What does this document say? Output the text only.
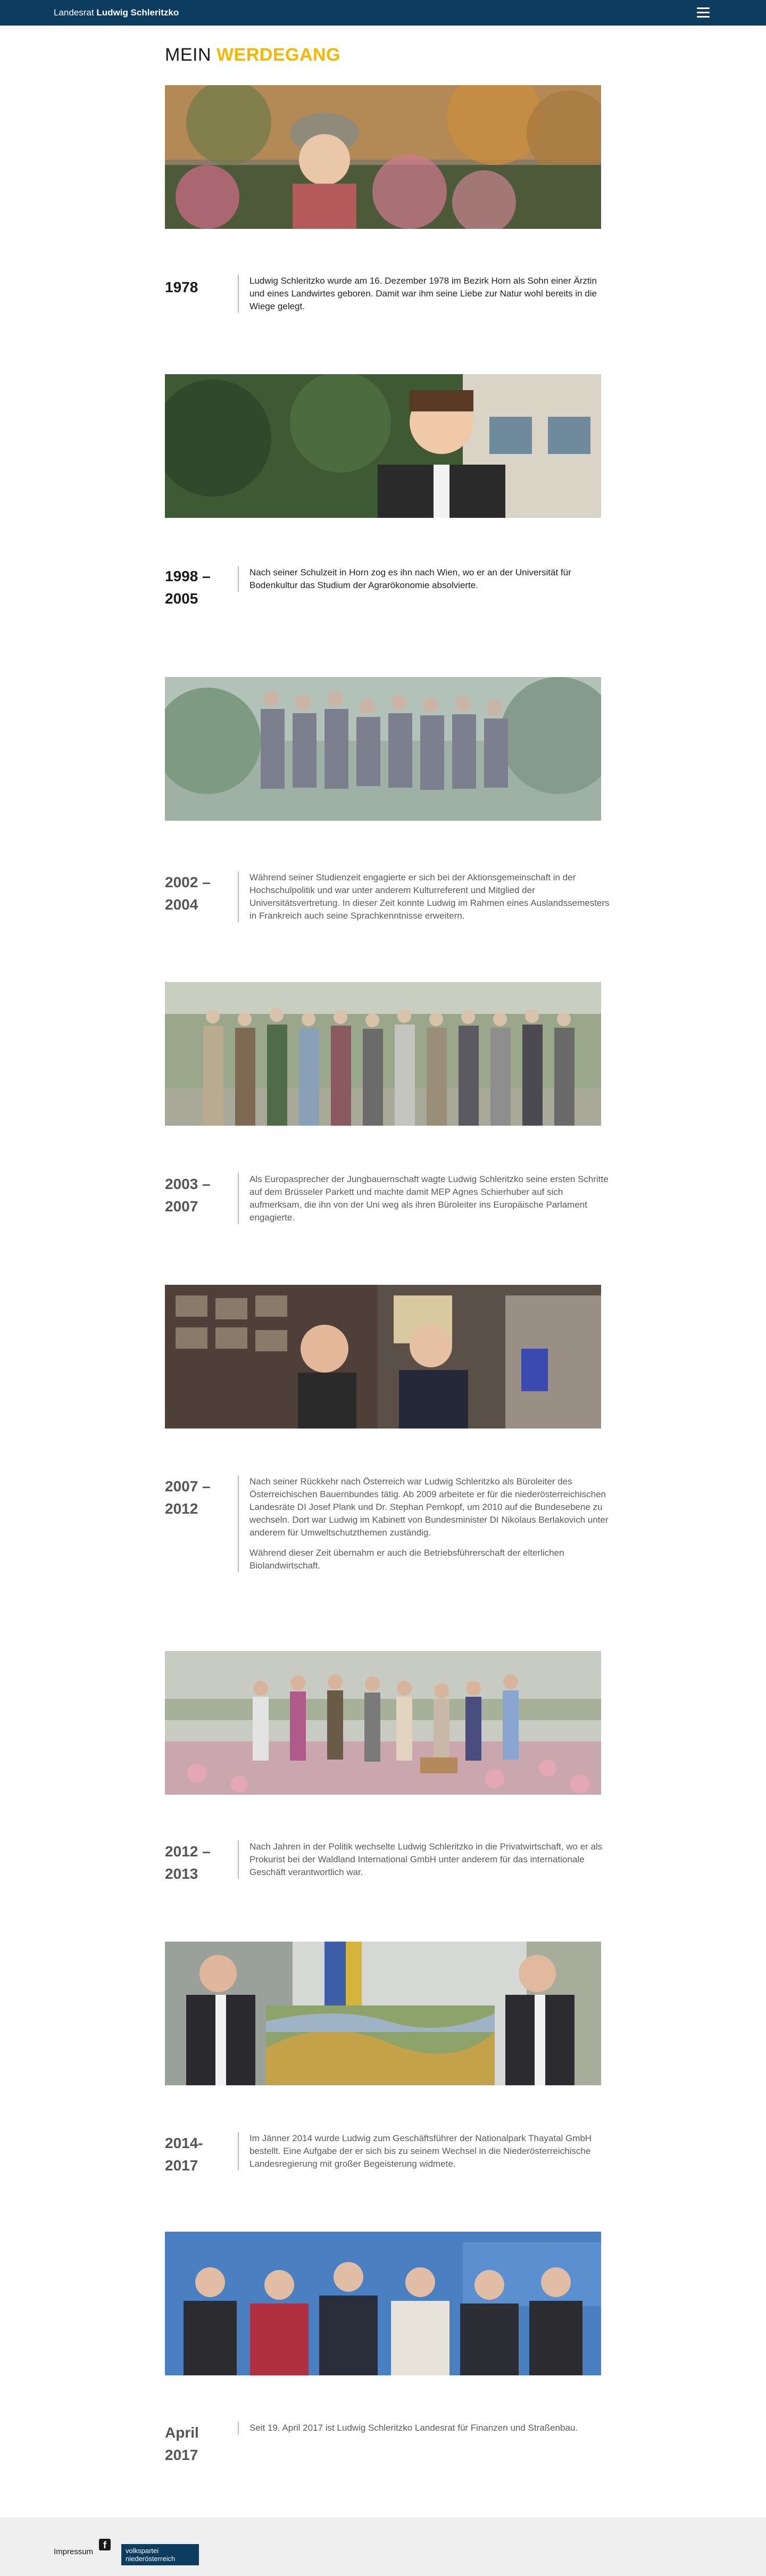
Landesrat Ludwig Schleritzko
MEIN WERDEGANG
1978	Ludwig Schleritzko wurde am 16. Dezember 1978 im Bezirk Horn als Sohn einer Ärztin und eines Landwirtes geboren. Damit war ihm seine Liebe zur Natur wohl bereits in die Wiege gelegt.

1998 – 2005

Nach seiner Schulzeit in Horn zog es ihn nach Wien, wo er an der Universität für Bodenkultur das Studium der Agrarökonomie absolvierte.

2002 – 2004

Während seiner Studienzeit engagierte er sich bei der Aktionsgemeinschaft in der Hochschulpolitik und war unter anderem Kulturreferent und Mitglied der Universitätsvertretung. In dieser Zeit konnte Ludwig im Rahmen eines Auslandssemesters in Frankreich auch seine Sprachkenntnisse erweitern.

2003 – 2007

Als Europasprecher der Jungbauernschaft wagte Ludwig Schleritzko seine ersten Schritte auf dem Brüsseler Parkett und machte damit MEP Agnes Schierhuber auf sich aufmerksam, die ihn von der Uni weg als ihren Büroleiter ins Europäische Parlament engagierte.

2007 – 2012

Nach seiner Rückkehr nach Österreich war Ludwig Schleritzko als Büroleiter des Österreichischen Bauernbundes tätig. Ab 2009 arbeitete er für die niederösterreichischen Landesräte DI Josef Plank und Dr. Stephan Pernkopf, um 2010 auf die Bundesebene zu wechseln. Dort war Ludwig im Kabinett von Bundesminister DI Nikolaus Berlakovich unter anderem für Umweltschutzthemen zuständig.

Während dieser Zeit übernahm er auch die Betriebsführerschaft der elterlichen Biolandwirtschaft.

2012 – 2013

Nach Jahren in der Politik wechselte Ludwig Schleritzko in die Privatwirtschaft, wo er als Prokurist bei der Waldland International GmbH unter anderem für das internationale Geschäft verantwortlich war.

2014- 2017

Im Jänner 2014 wurde Ludwig zum Geschäftsführer der Nationalpark Thayatal GmbH bestellt. Eine Aufgabe der er sich bis zu seinem Wechsel in die Niederösterreichische Landesregierung mit großer Begeisterung widmete.

April 2017

Seit 19. April 2017 ist Ludwig Schleritzko Landesrat für Finanzen und Straßenbau.

Impressum
f
volkspartei
niederösterreich
